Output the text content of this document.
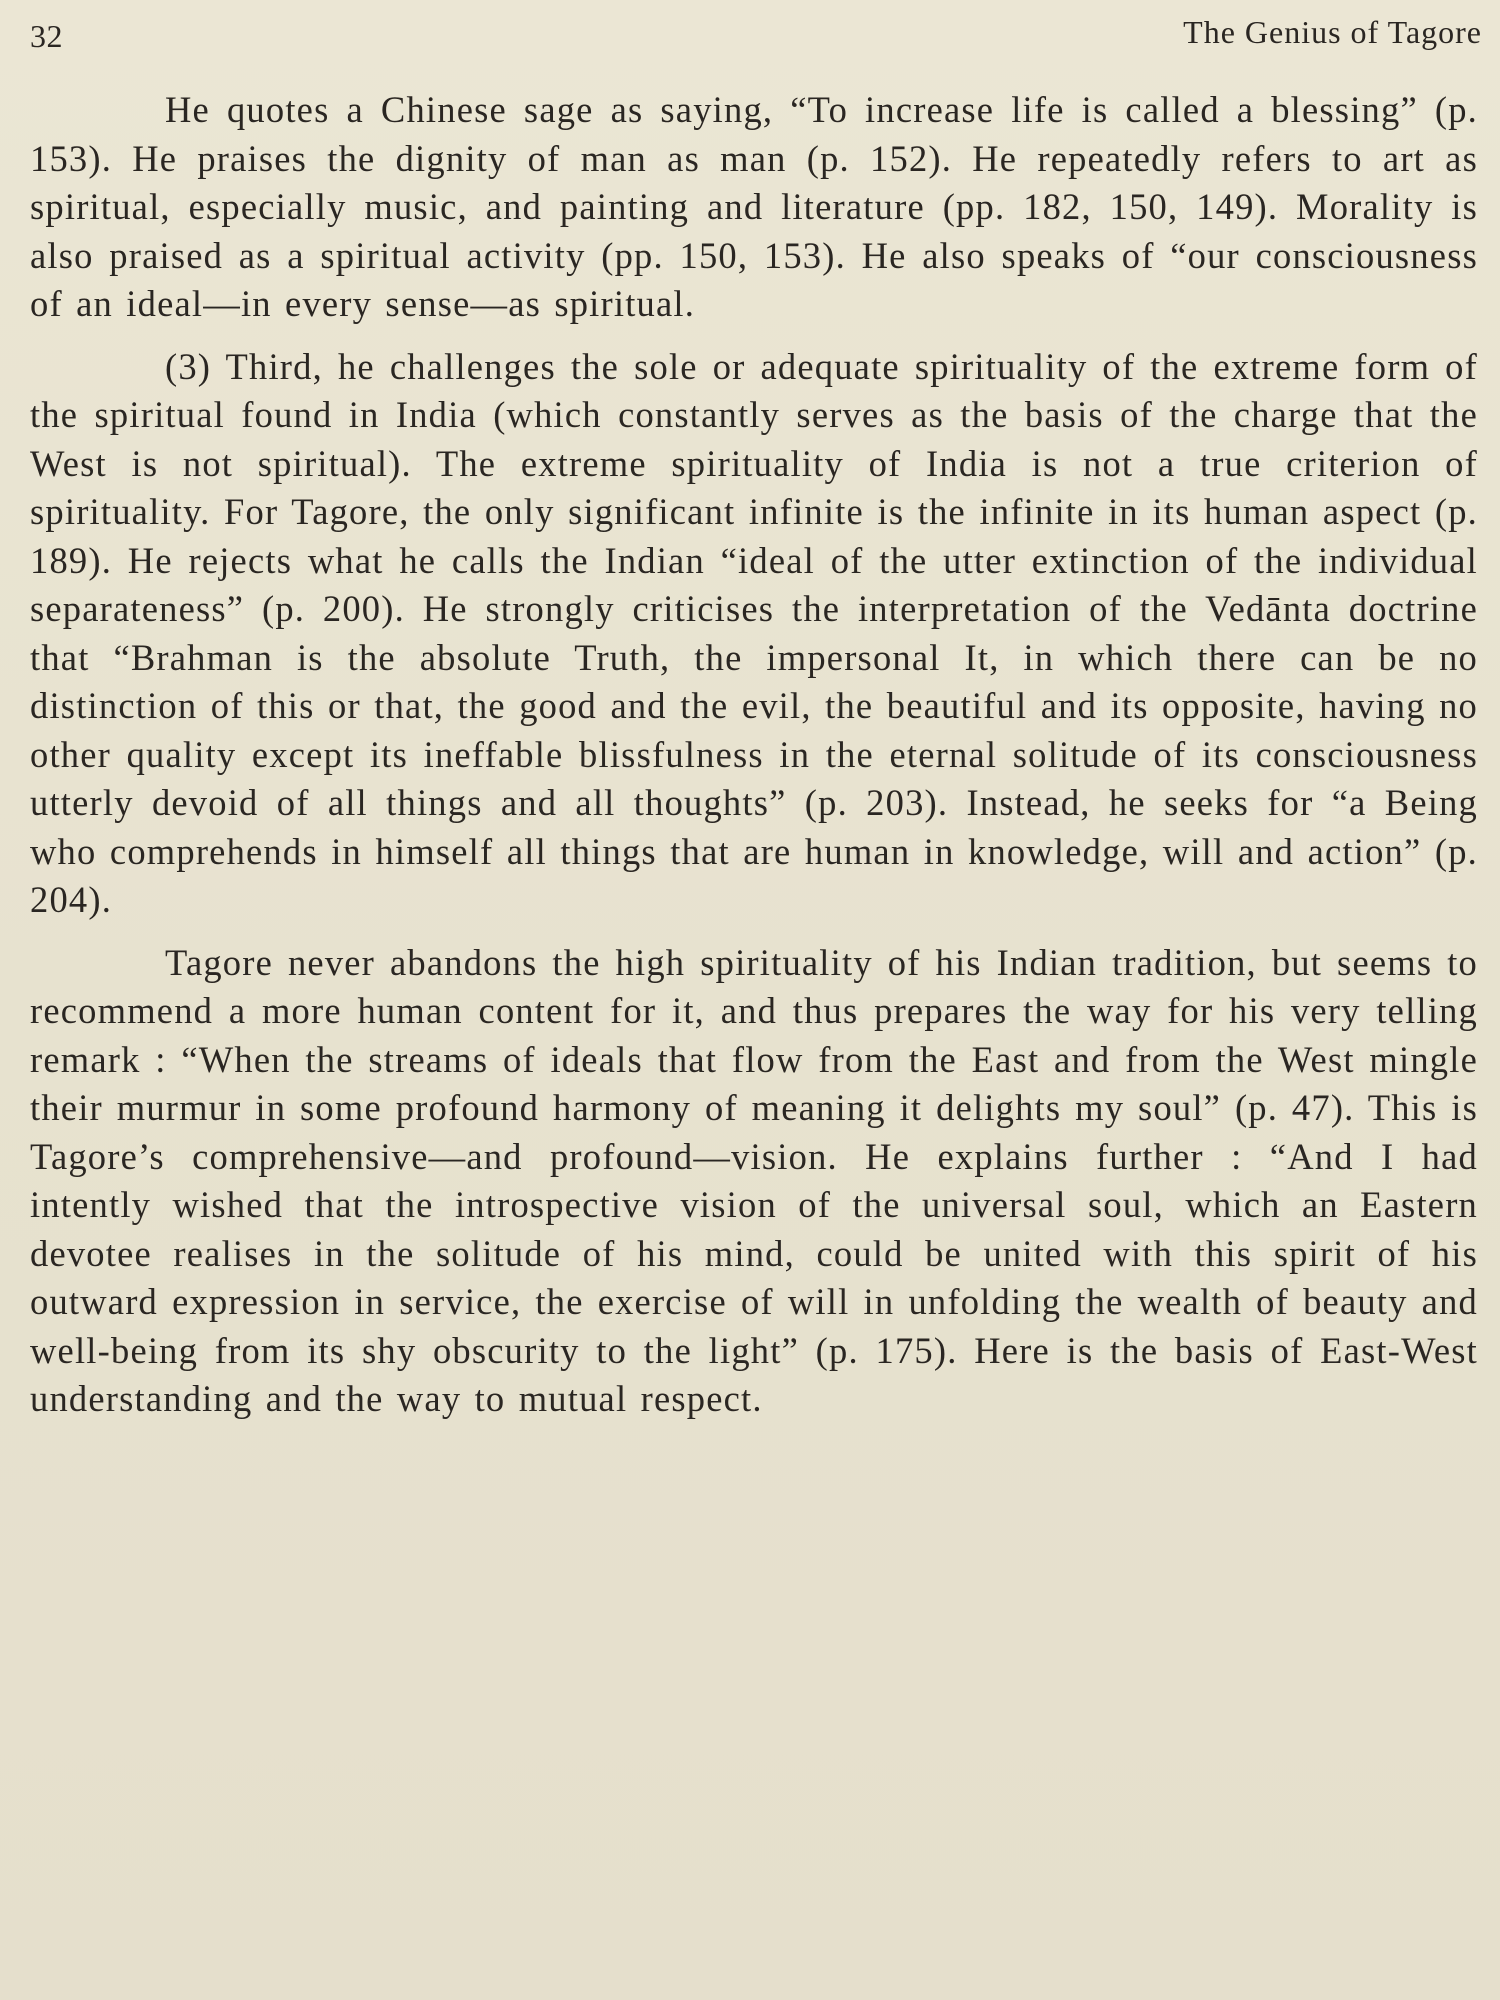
32	The Genius of Tagore

He quotes a Chinese sage as saying, “To increase life is called a blessing” (p. 153). He praises the dignity of man as man (p. 152). He repeatedly refers to art as spiritual, especially music, and painting and literature (pp. 182, 150, 149). Morality is also praised as a spiritual activity (pp. 150, 153). He also speaks of “our consciousness of an ideal—in every sense—as spiritual.

(3) Third, he challenges the sole or adequate spirituality of the extreme form of the spiritual found in India (which constantly serves as the basis of the charge that the West is not spiritual). The extreme spirituality of India is not a true criterion of spirituality. For Tagore, the only significant infinite is the infinite in its human aspect (p. 189). He rejects what he calls the Indian “ideal of the utter extinction of the individual separateness” (p. 200). He strongly criticises the interpretation of the Vedānta doctrine that “Brahman is the absolute Truth, the impersonal It, in which there can be no distinction of this or that, the good and the evil, the beautiful and its opposite, having no other quality except its ineffable blissfulness in the eternal solitude of its consciousness utterly devoid of all things and all thoughts” (p. 203). Instead, he seeks for “a Being who comprehends in himself all things that are human in knowledge, will and action” (p. 204).

Tagore never abandons the high spirituality of his Indian tradition, but seems to recommend a more human content for it, and thus prepares the way for his very telling remark : “When the streams of ideals that flow from the East and from the West mingle their murmur in some profound harmony of meaning it delights my soul” (p. 47). This is Tagore’s comprehensive—and profound—vision. He explains further : “And I had intently wished that the introspective vision of the universal soul, which an Eastern devotee realises in the solitude of his mind, could be united with this spirit of his outward expression in service, the exercise of will in unfolding the wealth of beauty and well-being from its shy obscurity to the light” (p. 175). Here is the basis of East-West understanding and the way to mutual respect.
